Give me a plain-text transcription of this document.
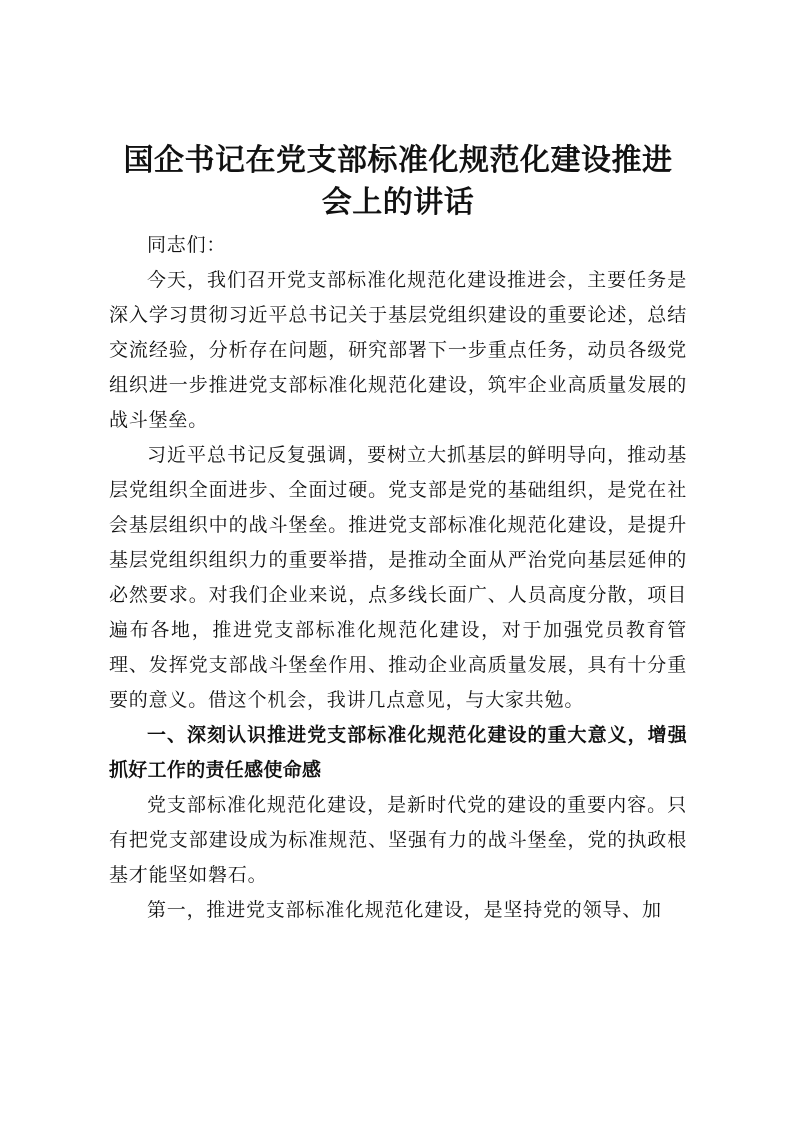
国企书记在党支部标准化规范化建设推进会上的讲话

同志们：

今天，我们召开党支部标准化规范化建设推进会，主要任务是深入学习贯彻习近平总书记关于基层党组织建设的重要论述，总结交流经验，分析存在问题，研究部署下一步重点任务，动员各级党组织进一步推进党支部标准化规范化建设，筑牢企业高质量发展的战斗堡垒。

习近平总书记反复强调，要树立大抓基层的鲜明导向，推动基层党组织全面进步、全面过硬。党支部是党的基础组织，是党在社会基层组织中的战斗堡垒。推进党支部标准化规范化建设，是提升基层党组织组织力的重要举措，是推动全面从严治党向基层延伸的必然要求。对我们企业来说，点多线长面广、人员高度分散，项目遍布各地，推进党支部标准化规范化建设，对于加强党员教育管理、发挥党支部战斗堡垒作用、推动企业高质量发展，具有十分重要的意义。借这个机会，我讲几点意见，与大家共勉。

一、深刻认识推进党支部标准化规范化建设的重大意义，增强抓好工作的责任感使命感

党支部标准化规范化建设，是新时代党的建设的重要内容。只有把党支部建设成为标准规范、坚强有力的战斗堡垒，党的执政根基才能坚如磐石。

第一，推进党支部标准化规范化建设，是坚持党的领导、加
